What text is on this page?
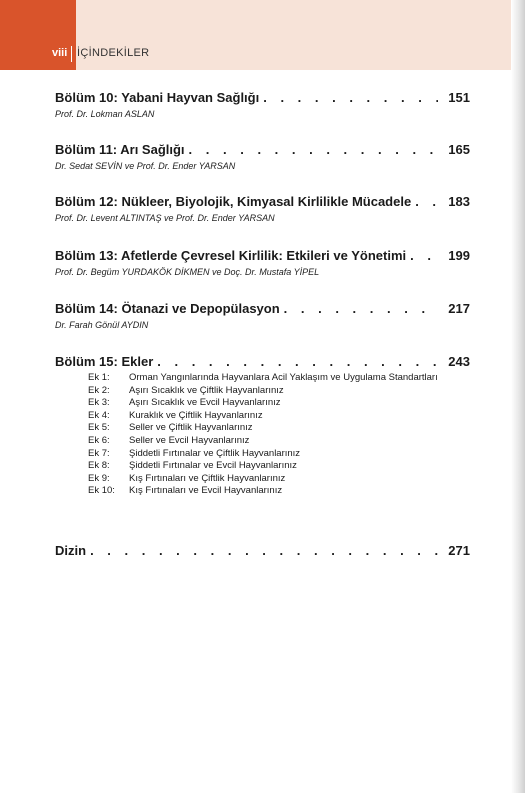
viii İÇİNDEKİLER
Bölüm 10: Yabani Hayvan Sağlığı . . .	151
Prof. Dr. Lokman ASLAN
Bölüm 11: Arı Sağlığı . . .	165
Dr. Sedat SEVİN ve Prof. Dr. Ender YARSAN
Bölüm 12: Nükleer, Biyolojik, Kimyasal Kirlilikle Mücadele . . .	183
Prof. Dr. Levent ALTINTAŞ ve Prof. Dr. Ender YARSAN
Bölüm 13: Afetlerde Çevresel Kirlilik: Etkileri ve Yönetimi . . .	199
Prof. Dr. Begüm YURDAKÖK DİKMEN ve Doç. Dr. Mustafa YİPEL
Bölüm 14: Ötanazi ve Depopülasyon . . .	217
Dr. Farah Gönül AYDIN
Bölüm 15: Ekler . . .	243
Ek 1:	Orman Yangınlarında Hayvanlara Acil Yaklaşım ve Uygulama Standartları
Ek 2:	Aşırı Sıcaklık ve Çiftlik Hayvanlarınız
Ek 3:	Aşırı Sıcaklık ve Evcil Hayvanlarınız
Ek 4:	Kuraklık ve Çiftlik Hayvanlarınız
Ek 5:	Seller ve Çiftlik Hayvanlarınız
Ek 6:	Seller ve Evcil Hayvanlarınız
Ek 7:	Şiddetli Fırtınalar ve Çiftlik Hayvanlarınız
Ek 8:	Şiddetli Fırtınalar ve Evcil Hayvanlarınız
Ek 9:	Kış Fırtınaları ve Çiftlik Hayvanlarınız
Ek 10:	Kış Fırtınaları ve Evcil Hayvanlarınız
Dizin . . .	271
